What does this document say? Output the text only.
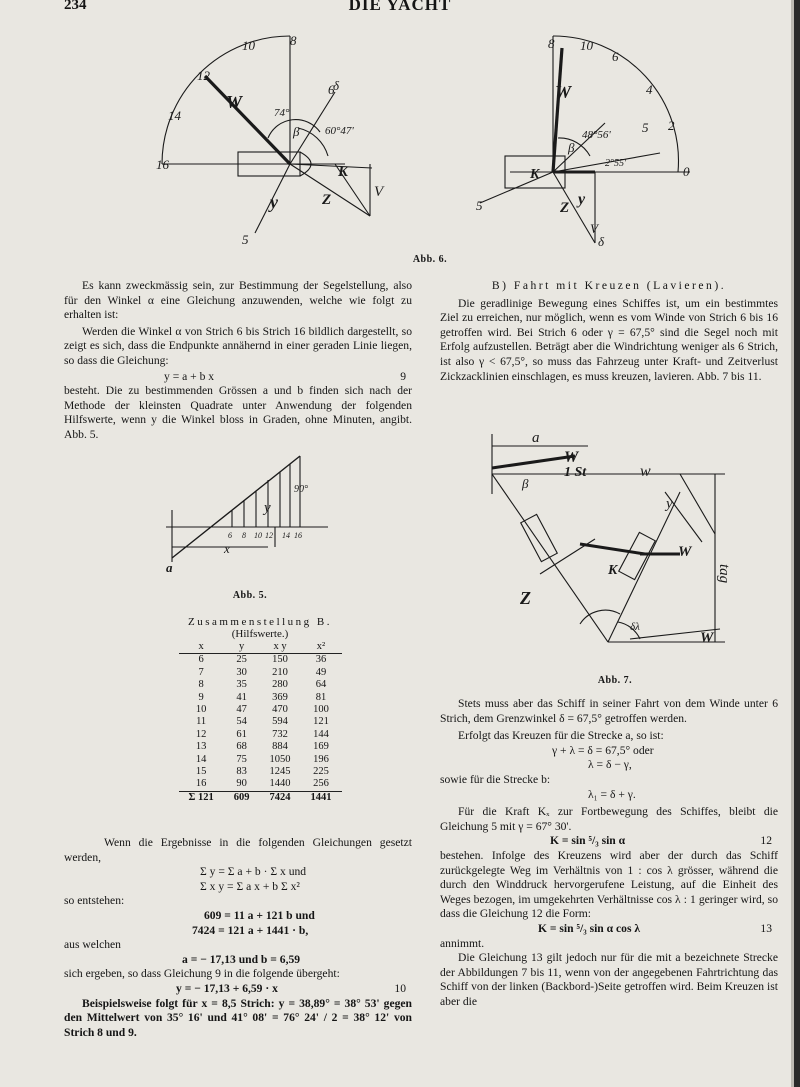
234	DIE YACHT
16
14
12
10	8
6
W
74°
60°47'
β
K
V
Z
y
5
δ
8 10
6
4
2
0
W
48°56'
2°55'
β
K
Z y
V
δ
5
5
Abb. 6.

Es kann zweckmässig sein, zur Bestimmung der Segelstellung, also für den Winkel α eine Gleichung anzuwenden, welche wie folgt zu erhalten ist:

Werden die Winkel α von Strich 6 bis Strich 16 bildlich dargestellt, so zeigt es sich, dass die Endpunkte annähernd in einer geraden Linie liegen, so dass die Gleichung:

y = a + b x	9

besteht. Die zu bestimmenden Grössen a und b finden sich nach der Methode der kleinsten Quadrate unter Anwendung der folgenden Hilfswerte, wenn y die Winkel bloss in Graden, ohne Minuten, angibt. Abb. 5.

a
x
y
90°
6 8 10 12 14 16
Abb. 5.
Zusammenstellung B.
(Hilfswerte.)
x	y	x y	x²
6	25	150	36
7	30	210	49
8	35	280	64
9	41	369	81
10	47	470	100
11	54	594	121
12	61	732	144
13	68	884	169
14	75	1050	196
15	83	1245	225
16	90	1440	256
Σ 121	609	7424	1441

Wenn die Ergebnisse in die folgenden Gleichungen gesetzt werden,

Σ y = Σ a + b · Σ x und
Σ x y = Σ a x + b Σ x²

so entstehen:

609 = 11 a + 121 b und
7424 = 121 a + 1441 · b,

aus welchen

a = − 17,13 und b = 6,59

sich ergeben, so dass Gleichung 9 in die folgende übergeht:

y = − 17,13 + 6,59 · x	10

Beispielsweise folgt für x = 8,5 Strich: y = 38,89° = 38° 53' gegen den Mittelwert von 35° 16' und 41° 08' = 76° 24' / 2 = 38° 12' von Strich 8 und 9.

B) Fahrt mit Kreuzen (Lavieren).

Die geradlinige Bewegung eines Schiffes ist, um ein bestimmtes Ziel zu erreichen, nur möglich, wenn es vom Winde von Strich 6 bis 16 getroffen wird. Bei Strich 6 oder γ = 67,5° sind die Segel noch mit Erfolg aufzustellen. Beträgt aber die Windrichtung weniger als 6 Strich, ist also γ < 67,5°, so muss das Fahrzeug unter Kraft- und Zeitverlust Zickzacklinien einschlagen, es muss kreuzen, lavieren. Abb. 7 bis 11.

a
W
1 St	w
tag
Z
W
K
δλ
W
y
β
Abb. 7.

Stets muss aber das Schiff in seiner Fahrt von dem Winde unter 6 Strich, dem Grenzwinkel δ = 67,5° getroffen werden.

Erfolgt das Kreuzen für die Strecke a, so ist:

γ + λ = δ = 67,5° oder
λ = δ − γ,

sowie für die Strecke b:

λ₁ = δ + γ.

Für die Kraft Kₓ zur Fortbewegung des Schiffes, bleibt die Gleichung 5 mit γ = 67° 30'.

K = sin ⁵/₃ sin α	12

bestehen. Infolge des Kreuzens wird aber der durch das Schiff zurückgelegte Weg im Verhältnis von 1 : cos λ grösser, während die durch den Winddruck hervorgerufene Leistung, auf die Einheit des Weges bezogen, im umgekehrten Verhältnisse cos λ : 1 geringer wird, so dass die Gleichung 12 die Form:

K = sin ⁵/₃ sin α cos λ	13

annimmt.

Die Gleichung 13 gilt jedoch nur für die mit a bezeichnete Strecke der Abbildungen 7 bis 11, wenn von der angegebenen Fahrtrichtung das Schiff von der linken (Backbord-)Seite getroffen wird. Beim Kreuzen ist aber die
